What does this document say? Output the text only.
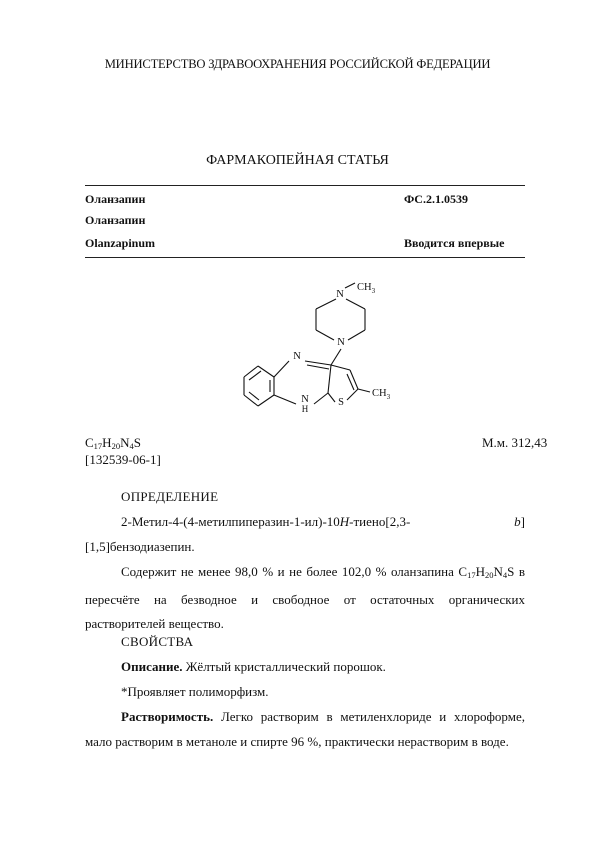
МИНИСТЕРСТВО ЗДРАВООХРАНЕНИЯ РОССИЙСКОЙ ФЕДЕРАЦИИ
ФАРМАКОПЕЙНАЯ СТАТЬЯ
Оланзапин	ФС.2.1.0539
Оланзапин
Olanzapinum	Вводится впервые
N
$CH_3$
N
N
N
H
S
$CH_3$
$C_{17}H_{20}N_4S$	М.м. 312,43
[132539-06-1]
ОПРЕДЕЛЕНИЕ
2-Метил-4-(4-метилпиперазин-1-ил)-10H-тиено[2,3-	b][1,5]бензодиазепин.
Содержит не менее 98,0 % и не более 102,0 % оланзапина $C_{17}H_{20}N_4S$ в пересчёте на безводное и свободное от остаточных органических растворителей вещество.
СВОЙСТВА
Описание. Жёлтый кристаллический порошок.
*Проявляет полиморфизм.
Растворимость. Легко растворим в метиленхлориде и хлороформе, мало растворим в метаноле и спирте 96 %, практически нерастворим в воде.
